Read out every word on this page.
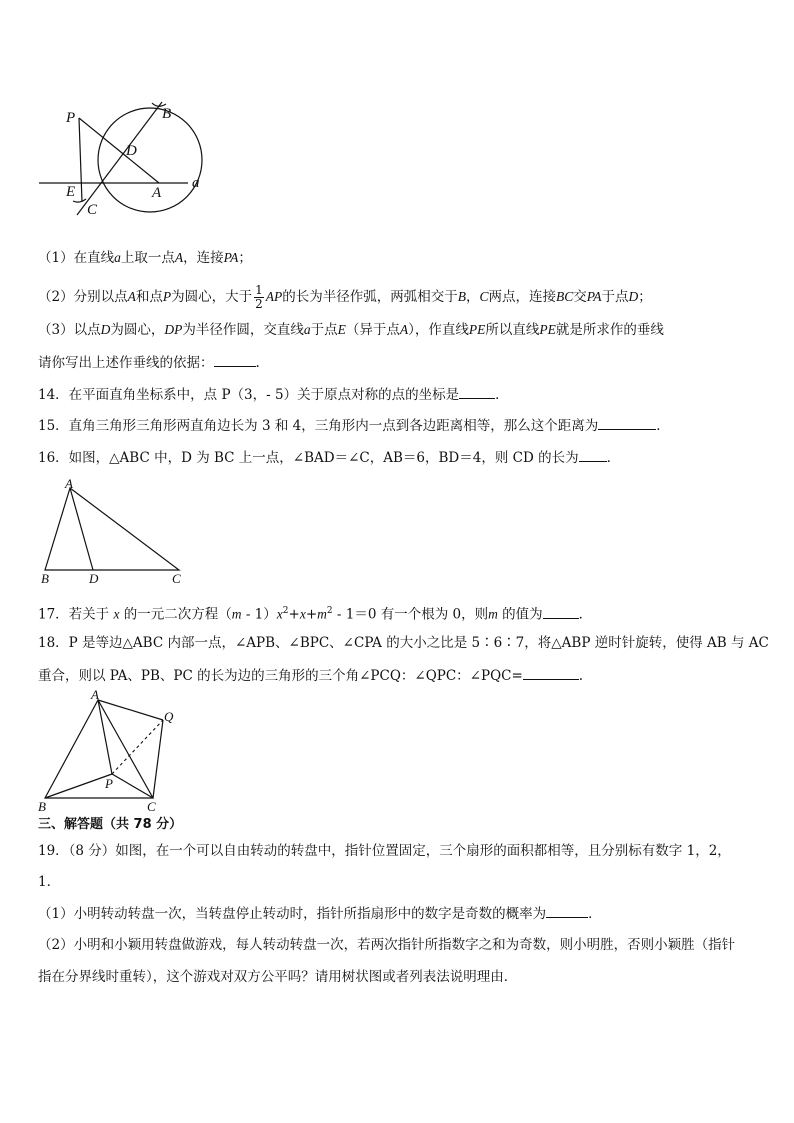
P	B
D
E	A
C
a
（1）在直线a上取一点A，连接PA；
（2）分别以点A和点P为圆心，大于 $\frac{1}{2}$ AP的长为半径作弧，两弧相交于B，C两点，连接BC交PA于点D；
（3）以点D为圆心，DP为半径作圆，交直线a于点E（异于点A），作直线PE所以直线PE就是所求作的垂线
请你写出上述作垂线的依据：	.
14．在平面直角坐标系中，点 P（3，- 5）关于原点对称的点的坐标是	．
15．直角三角形三角形两直角边长为 3 和 4，三角形内一点到各边距离相等，那么这个距离为	．
16．如图，△ABC 中，D 为 BC 上一点，∠BAD＝∠C，AB＝6，BD＝4，则 CD 的长为 ．
A
B	D	C
17．若关于 x 的一元二次方程$(m - 1)x^2+x+m^2 - 1=0$ 有一个根为 0，则m 的值为	．
18．P 是等边△ABC 内部一点，∠APB、∠BPC、∠CPA 的大小之比是 5∶6∶7，将△ABP 逆时针旋转，使得 AB 与 AC
重合，则以 PA、PB、PC 的长为边的三角形的三个角∠PCQ：∠QPC：∠PQC=	.
A
Q
P
B	C
三、解答题（共 78 分）
19．（8 分）如图，在一个可以自由转动的转盘中，指针位置固定，三个扇形的面积都相等，且分别标有数字 1，2，
1．
（1）小明转动转盘一次，当转盘停止转动时，指针所指扇形中的数字是奇数的概率为	．
（2）小明和小颖用转盘做游戏，每人转动转盘一次，若两次指针所指数字之和为奇数，则小明胜，否则小颖胜（指针
指在分界线时重转），这个游戏对双方公平吗？请用树状图或者列表法说明理由．
